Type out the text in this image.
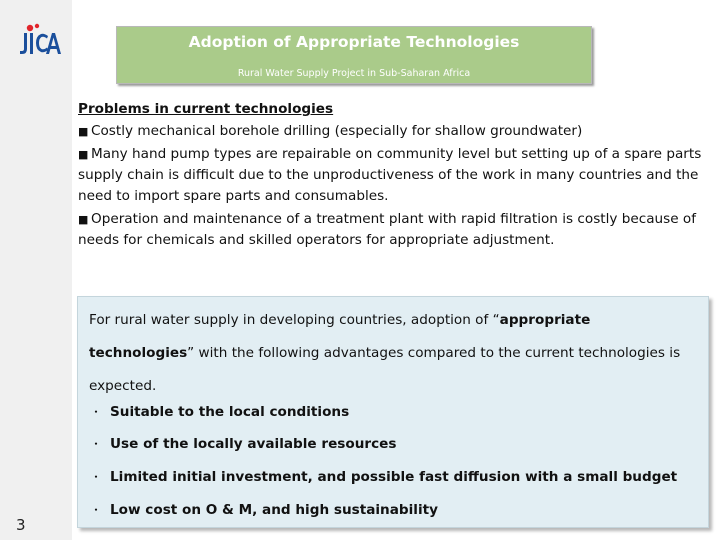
3
Adoption of Appropriate Technologies
Rural Water Supply Project in Sub-Saharan Africa
Problems in current technologies
■ Costly mechanical borehole drilling (especially for shallow groundwater)
■ Many hand pump types are repairable on community level but setting up of a spare parts supply chain is difficult due to the unproductiveness of the work in many countries and the need to import spare parts and consumables.
■ Operation and maintenance of a treatment plant with rapid filtration is costly because of needs for chemicals and skilled operators for appropriate adjustment.
For rural water supply in developing countries, adoption of “appropriate technologies” with the following advantages compared to the current technologies is expected.
・ Suitable to the local conditions
・ Use of the locally available resources
・ Limited initial investment, and possible fast diffusion with a small budget
・ Low cost on O & M, and high sustainability
